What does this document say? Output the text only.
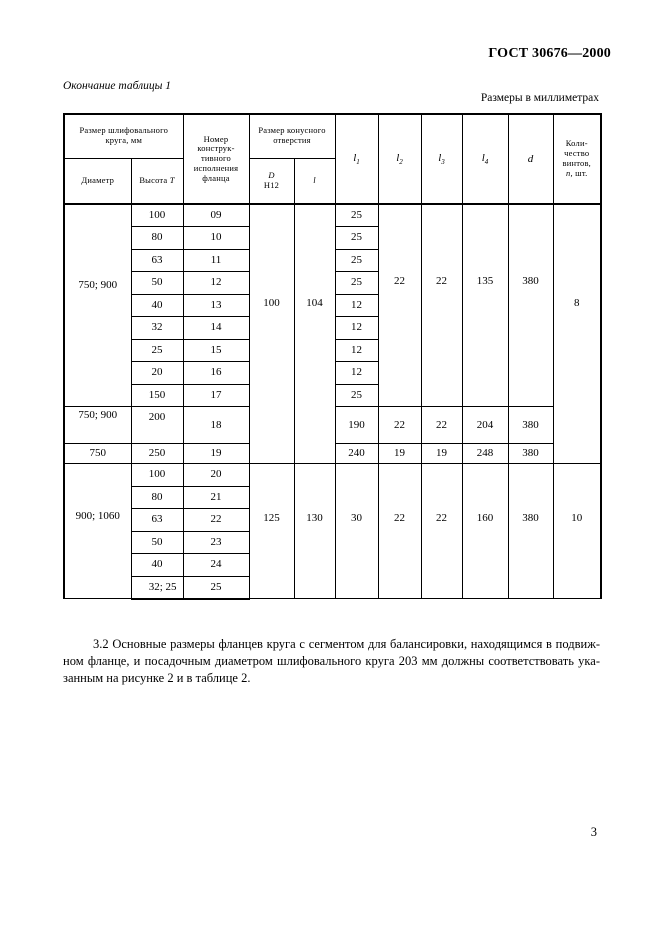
ГОСТ 30676—2000
Окончание таблицы 1
Размеры в миллиметрах
Размер шлифовального круга, мм		Номер конструк-тивного исполнения фланца	Размер конусного отверстия		$l_1$	$l_2$	$l_3$	$l_4$	d	Коли-чество винтов,
n, шт.
Диаметр	Высота T		D
H12	l						
750; 900	100	09	100	104	25	22	22	135	380	8
	80	10			25					
	63	11			25					
	50	12			25					
	40	13			12					
	32	14			12					
	25	15			12					
	20	16			12					
	150	17			25					
750; 900	200	18			190	22	22	204	380	
750	250	19			240	19	19	248	380	
900; 1060	100	20	125	130	30	22	22	160	380	10
	80	21								
	63	22								
	50	23								
	40	24								
	32; 25	25								
3.2 Основные размеры фланцев круга с сегментом для балансировки, находящимся в подвиж-ном фланце, и посадочным диаметром шлифовального круга 203 мм должны соответствовать ука-занным на рисунке 2 и в таблице 2.
3
